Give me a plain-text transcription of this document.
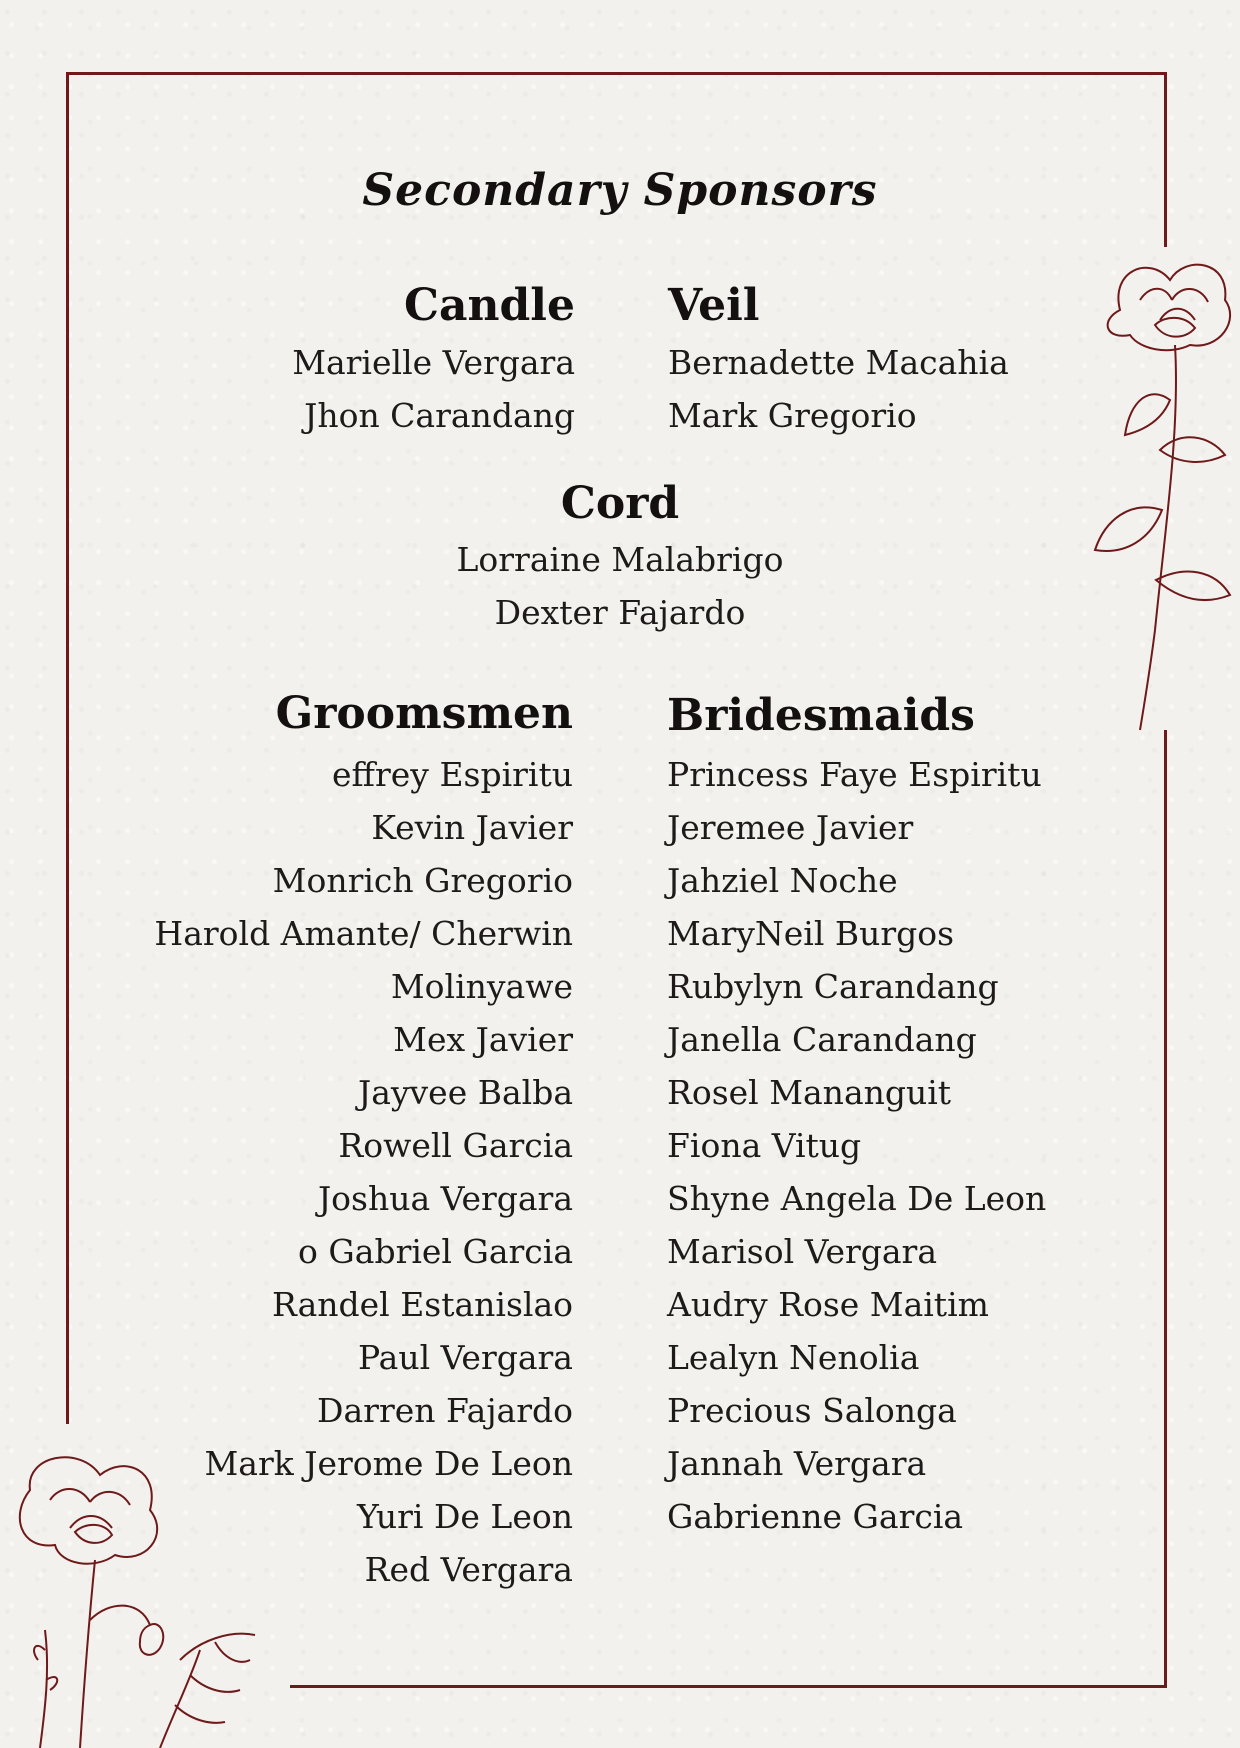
Secondary Sponsors
Candle
Marielle Vergara
Jhon Carandang
Veil
Bernadette Macahia
Mark Gregorio
Cord
Lorraine Malabrigo
Dexter Fajardo
Groomsmen
effrey Espiritu
Kevin Javier
Monrich Gregorio
Harold Amante/ Cherwin
Molinyawe
Mex Javier
Jayvee Balba
Rowell Garcia
Joshua Vergara
o Gabriel Garcia
Randel Estanislao
Paul Vergara
Darren Fajardo
Mark Jerome De Leon
Yuri De Leon
Red Vergara
Bridesmaids
Princess Faye Espiritu
Jeremee Javier
Jahziel Noche
MaryNeil Burgos
Rubylyn Carandang
Janella Carandang
Rosel Mananguit
Fiona Vitug
Shyne Angela De Leon
Marisol Vergara
Audry Rose Maitim
Lealyn Nenolia
Precious Salonga
Jannah Vergara
Gabrienne Garcia
